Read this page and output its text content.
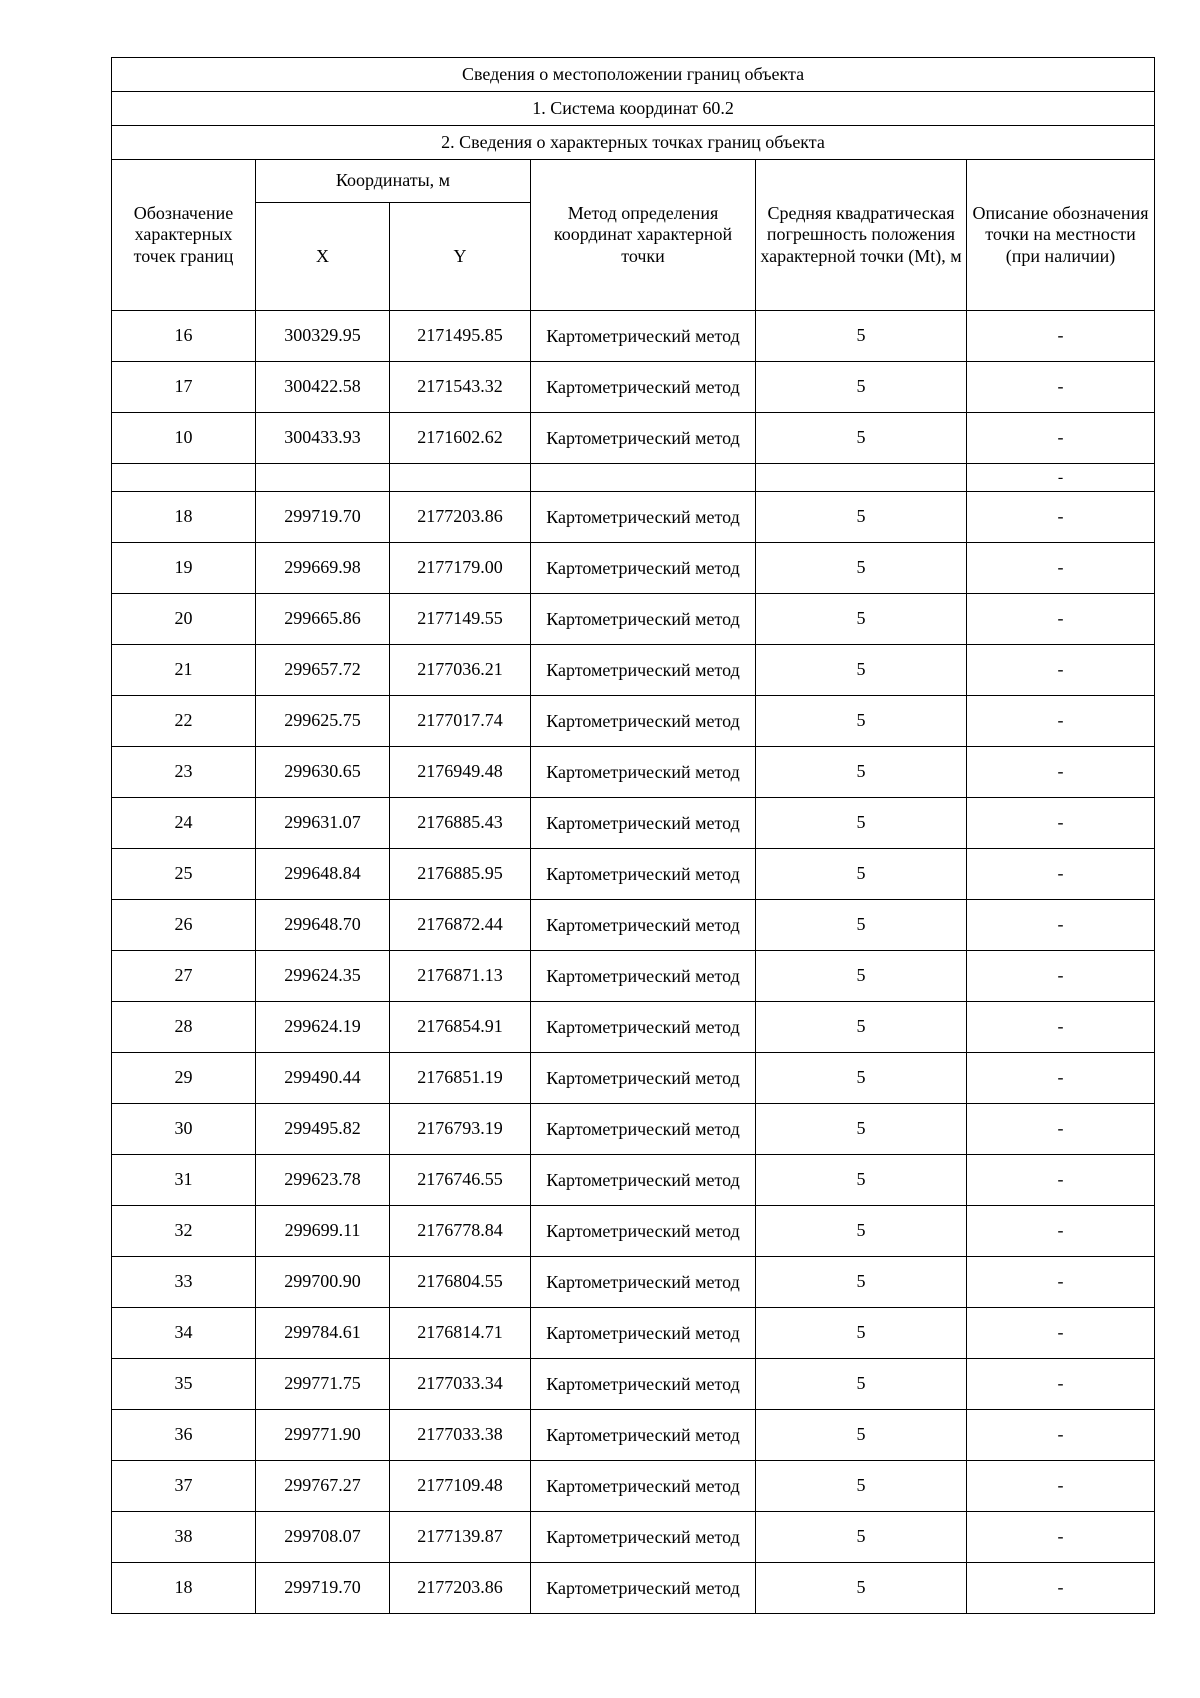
Сведения о местоположении границ объекта					
1. Система координат 60.2					
2. Сведения о характерных точках границ объекта					
Обозначение характерных точек границ	Координаты, м		Метод определения координат характерной точки	Средняя квадратическая погрешность положения характерной точки (Mt), м	Описание обозначения точки на местности (при наличии)
	X	Y			
16	300329.95	2171495.85	Картометрический метод	5	-
17	300422.58	2171543.32	Картометрический метод	5	-
10	300433.93	2171602.62	Картометрический метод	5	-
					-
18	299719.70	2177203.86	Картометрический метод	5	-
19	299669.98	2177179.00	Картометрический метод	5	-
20	299665.86	2177149.55	Картометрический метод	5	-
21	299657.72	2177036.21	Картометрический метод	5	-
22	299625.75	2177017.74	Картометрический метод	5	-
23	299630.65	2176949.48	Картометрический метод	5	-
24	299631.07	2176885.43	Картометрический метод	5	-
25	299648.84	2176885.95	Картометрический метод	5	-
26	299648.70	2176872.44	Картометрический метод	5	-
27	299624.35	2176871.13	Картометрический метод	5	-
28	299624.19	2176854.91	Картометрический метод	5	-
29	299490.44	2176851.19	Картометрический метод	5	-
30	299495.82	2176793.19	Картометрический метод	5	-
31	299623.78	2176746.55	Картометрический метод	5	-
32	299699.11	2176778.84	Картометрический метод	5	-
33	299700.90	2176804.55	Картометрический метод	5	-
34	299784.61	2176814.71	Картометрический метод	5	-
35	299771.75	2177033.34	Картометрический метод	5	-
36	299771.90	2177033.38	Картометрический метод	5	-
37	299767.27	2177109.48	Картометрический метод	5	-
38	299708.07	2177139.87	Картометрический метод	5	-
18	299719.70	2177203.86	Картометрический метод	5	-
